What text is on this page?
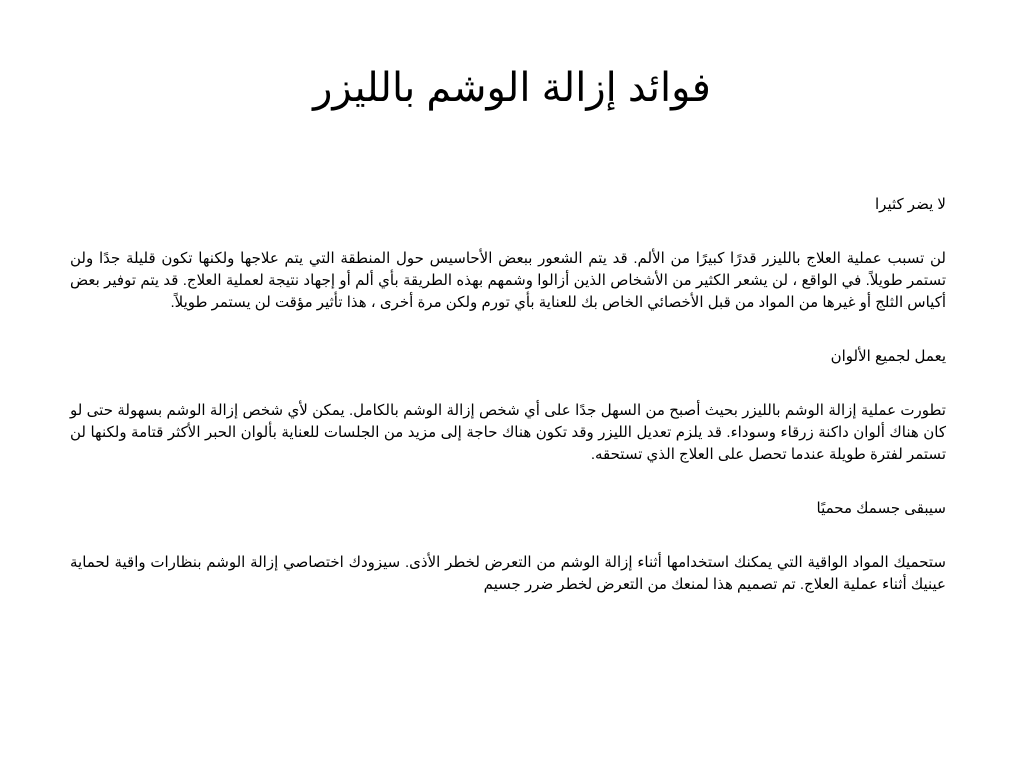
فوائد إزالة الوشم بالليزر

لا يضر كثيرا

لن تسبب عملية العلاج بالليزر قدرًا كبيرًا من الألم. قد يتم الشعور ببعض الأحاسيس حول المنطقة التي يتم علاجها ولكنها تكون قليلة جدًا ولن تستمر طويلاً. في الواقع ، لن يشعر الكثير من الأشخاص الذين أزالوا وشمهم بهذه الطريقة بأي ألم أو إجهاد نتيجة لعملية العلاج. قد يتم توفير بعض أكياس الثلج أو غيرها من المواد من قبل الأخصائي الخاص بك للعناية بأي تورم ولكن مرة أخرى ، هذا تأثير مؤقت لن يستمر طويلاً.

يعمل لجميع الألوان

تطورت عملية إزالة الوشم بالليزر بحيث أصبح من السهل جدًا على أي شخص إزالة الوشم بالكامل. يمكن لأي شخص إزالة الوشم بسهولة حتى لو كان هناك ألوان داكنة زرقاء وسوداء. قد يلزم تعديل الليزر وقد تكون هناك حاجة إلى مزيد من الجلسات للعناية بألوان الحبر الأكثر قتامة ولكنها لن تستمر لفترة طويلة عندما تحصل على العلاج الذي تستحقه.

سيبقى جسمك محميًا

ستحميك المواد الواقية التي يمكنك استخدامها أثناء إزالة الوشم من التعرض لخطر الأذى. سيزودك اختصاصي إزالة الوشم بنظارات واقية لحماية عينيك أثناء عملية العلاج. تم تصميم هذا لمنعك من التعرض لخطر ضرر جسيم
